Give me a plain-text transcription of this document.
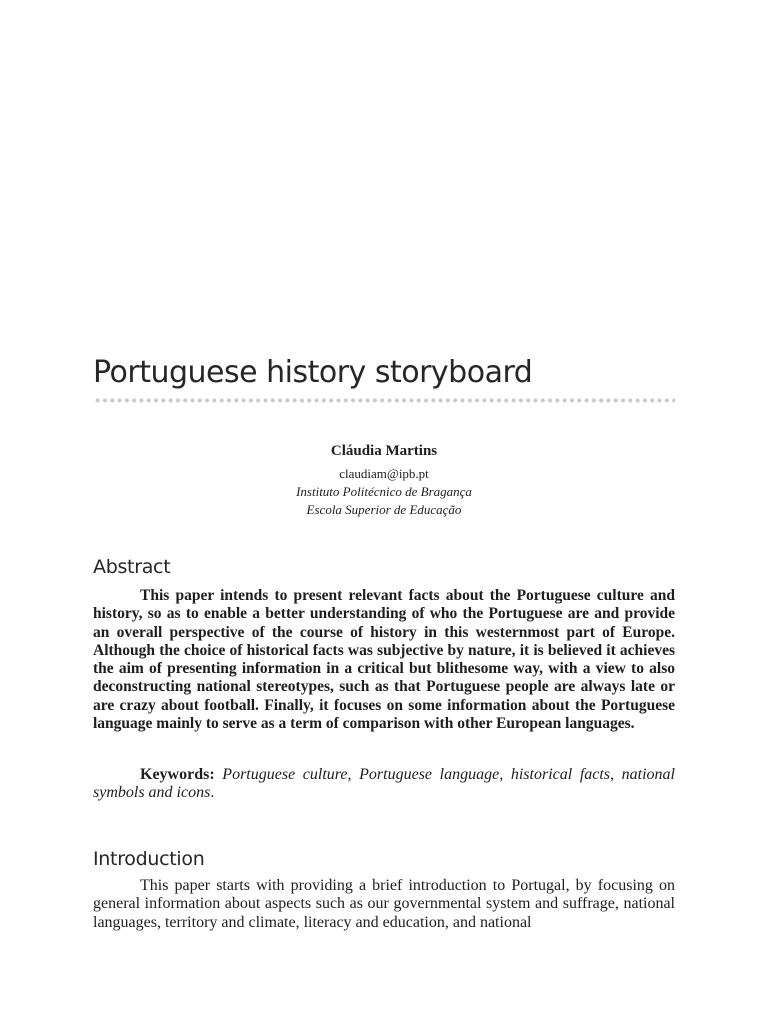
Portuguese history storyboard

Cláudia Martins

claudiam@ipb.pt

Instituto Politécnico de Bragança

Escola Superior de Educação

Abstract

This paper intends to present relevant facts about the Portuguese culture and history, so as to enable a better understanding of who the Portuguese are and provide an overall perspective of the course of history in this westernmost part of Europe. Although the choice of historical facts was subjective by nature, it is believed it achieves the aim of presenting information in a critical but blithesome way, with a view to also deconstructing national stereotypes, such as that Portuguese people are always late or are crazy about football. Finally, it focuses on some information about the Portuguese language mainly to serve as a term of comparison with other European languages.

Keywords: Portuguese culture, Portuguese language, historical facts, national symbols and icons.

Introduction

This paper starts with providing a brief introduction to Portugal, by focusing on general information about aspects such as our governmental system and suffrage, national languages, territory and climate, literacy and education, and national
